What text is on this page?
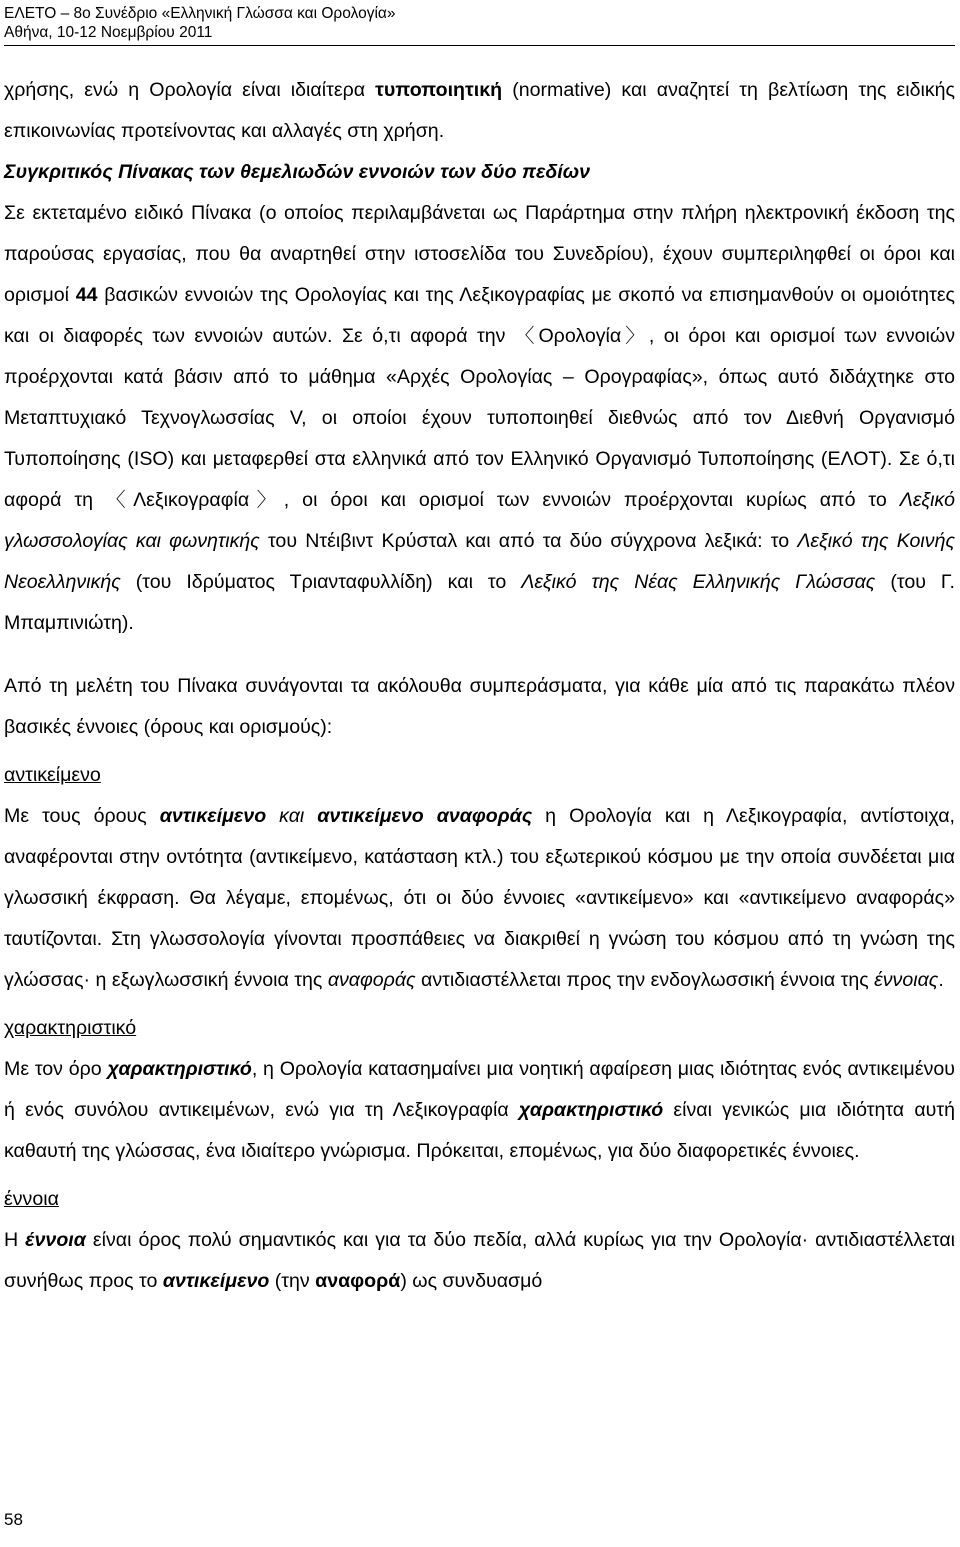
ΕΛΕΤΟ – 8ο Συνέδριο «Ελληνική Γλώσσα και Ορολογία»
Αθήνα, 10-12 Νοεμβρίου 2011

χρήσης, ενώ η Ορολογία είναι ιδιαίτερα τυποποιητική (normative) και αναζητεί τη βελτίωση της ειδικής επικοινωνίας προτείνοντας και αλλαγές στη χρήση.

Συγκριτικός Πίνακας των θεμελιωδών εννοιών των δύο πεδίων

Σε εκτεταμένο ειδικό Πίνακα (ο οποίος περιλαμβάνεται ως Παράρτημα στην πλήρη ηλεκτρονική έκδοση της παρούσας εργασίας, που θα αναρτηθεί στην ιστοσελίδα του Συνεδρίου), έχουν συμπεριληφθεί οι όροι και ορισμοί 44 βασικών εννοιών της Ορολογίας και της Λεξικογραφίας με σκοπό να επισημανθούν οι ομοιότητες και οι διαφορές των εννοιών αυτών. Σε ό,τι αφορά την 〈Ορολογία〉, οι όροι και ορισμοί των εννοιών προέρχονται κατά βάσιν από το μάθημα «Αρχές Ορολογίας – Ορογραφίας», όπως αυτό διδάχτηκε στο Μεταπτυχιακό Τεχνογλωσσίας V, οι οποίοι έχουν τυποποιηθεί διεθνώς από τον Διεθνή Οργανισμό Τυποποίησης (ISO) και μεταφερθεί στα ελληνικά από τον Ελληνικό Οργανισμό Τυποποίησης (ΕΛΟΤ). Σε ό,τι αφορά τη 〈Λεξικογραφία〉, οι όροι και ορισμοί των εννοιών προέρχονται κυρίως από το Λεξικό γλωσσολογίας και φωνητικής του Ντέιβιντ Κρύσταλ και από τα δύο σύγχρονα λεξικά: το Λεξικό της Κοινής Νεοελληνικής (του Ιδρύματος Τριανταφυλλίδη) και το Λεξικό της Νέας Ελληνικής Γλώσσας (του Γ. Μπαμπινιώτη).

Από τη μελέτη του Πίνακα συνάγονται τα ακόλουθα συμπεράσματα, για κάθε μία από τις παρακάτω πλέον βασικές έννοιες (όρους και ορισμούς):

αντικείμενο

Με τους όρους αντικείμενο και αντικείμενο αναφοράς η Ορολογία και η Λεξικογραφία, αντίστοιχα, αναφέρονται στην οντότητα (αντικείμενο, κατάσταση κτλ.) του εξωτερικού κόσμου με την οποία συνδέεται μια γλωσσική έκφραση. Θα λέγαμε, επομένως, ότι οι δύο έννοιες «αντικείμενο» και «αντικείμενο αναφοράς» ταυτίζονται. Στη γλωσσολογία γίνονται προσπάθειες να διακριθεί η γνώση του κόσμου από τη γνώση της γλώσσας· η εξωγλωσσική έννοια της αναφοράς αντιδιαστέλλεται προς την ενδογλωσσική έννοια της έννοιας.

χαρακτηριστικό

Με τον όρο χαρακτηριστικό, η Ορολογία κατασημαίνει μια νοητική αφαίρεση μιας ιδιότητας ενός αντικειμένου ή ενός συνόλου αντικειμένων, ενώ για τη Λεξικογραφία χαρακτηριστικό είναι γενικώς μια ιδιότητα αυτή καθαυτή της γλώσσας, ένα ιδιαίτερο γνώρισμα. Πρόκειται, επομένως, για δύο διαφορετικές έννοιες.

έννοια

Η έννοια είναι όρος πολύ σημαντικός και για τα δύο πεδία, αλλά κυρίως για την Ορολογία· αντιδιαστέλλεται συνήθως προς το αντικείμενο (την αναφορά) ως συνδυασμό

58
